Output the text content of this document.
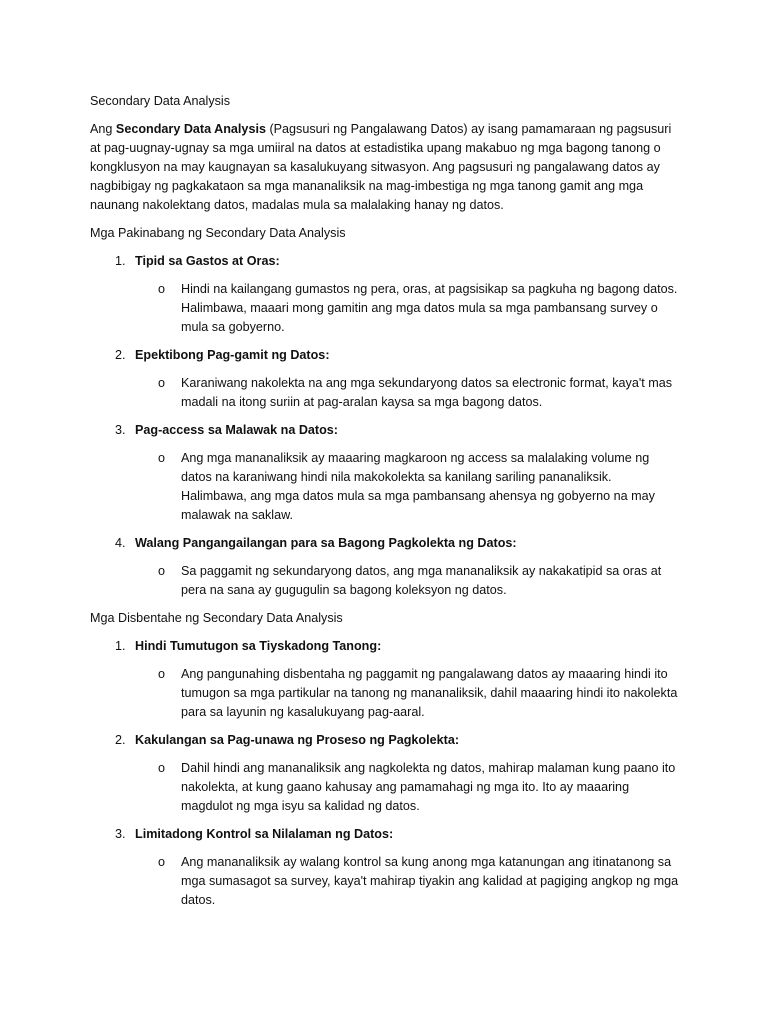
Secondary Data Analysis
Ang Secondary Data Analysis (Pagsusuri ng Pangalawang Datos) ay isang pamamaraan ng pagsusuri at pag-uugnay-ugnay sa mga umiiral na datos at estadistika upang makabuo ng mga bagong tanong o kongklusyon na may kaugnayan sa kasalukuyang sitwasyon. Ang pagsusuri ng pangalawang datos ay nagbibigay ng pagkakataon sa mga mananaliksik na mag-imbestiga ng mga tanong gamit ang mga naunang nakolektang datos, madalas mula sa malalaking hanay ng datos.
Mga Pakinabang ng Secondary Data Analysis
1. Tipid sa Gastos at Oras:
o	Hindi na kailangang gumastos ng pera, oras, at pagsisikap sa pagkuha ng bagong datos. Halimbawa, maaari mong gamitin ang mga datos mula sa mga pambansang survey o mula sa gobyerno.
2. Epektibong Pag-gamit ng Datos:
o	Karaniwang nakolekta na ang mga sekundaryong datos sa electronic format, kaya't mas madali na itong suriin at pag-aralan kaysa sa mga bagong datos.
3. Pag-access sa Malawak na Datos:
o	Ang mga mananaliksik ay maaaring magkaroon ng access sa malalaking volume ng datos na karaniwang hindi nila makokolekta sa kanilang sariling pananaliksik. Halimbawa, ang mga datos mula sa mga pambansang ahensya ng gobyerno na may malawak na saklaw.
4. Walang Pangangailangan para sa Bagong Pagkolekta ng Datos:
o	Sa paggamit ng sekundaryong datos, ang mga mananaliksik ay nakakatipid sa oras at pera na sana ay gugugulin sa bagong koleksyon ng datos.
Mga Disbentahe ng Secondary Data Analysis
1. Hindi Tumutugon sa Tiyskadong Tanong:
o	Ang pangunahing disbentaha ng paggamit ng pangalawang datos ay maaaring hindi ito tumugon sa mga partikular na tanong ng mananaliksik, dahil maaaring hindi ito nakolekta para sa layunin ng kasalukuyang pag-aaral.
2. Kakulangan sa Pag-unawa ng Proseso ng Pagkolekta:
o	Dahil hindi ang mananaliksik ang nagkolekta ng datos, mahirap malaman kung paano ito nakolekta, at kung gaano kahusay ang pamamahagi ng mga ito. Ito ay maaaring magdulot ng mga isyu sa kalidad ng datos.
3. Limitadong Kontrol sa Nilalaman ng Datos:
o	Ang mananaliksik ay walang kontrol sa kung anong mga katanungan ang itinatanong sa mga sumasagot sa survey, kaya't mahirap tiyakin ang kalidad at pagiging angkop ng mga datos.
